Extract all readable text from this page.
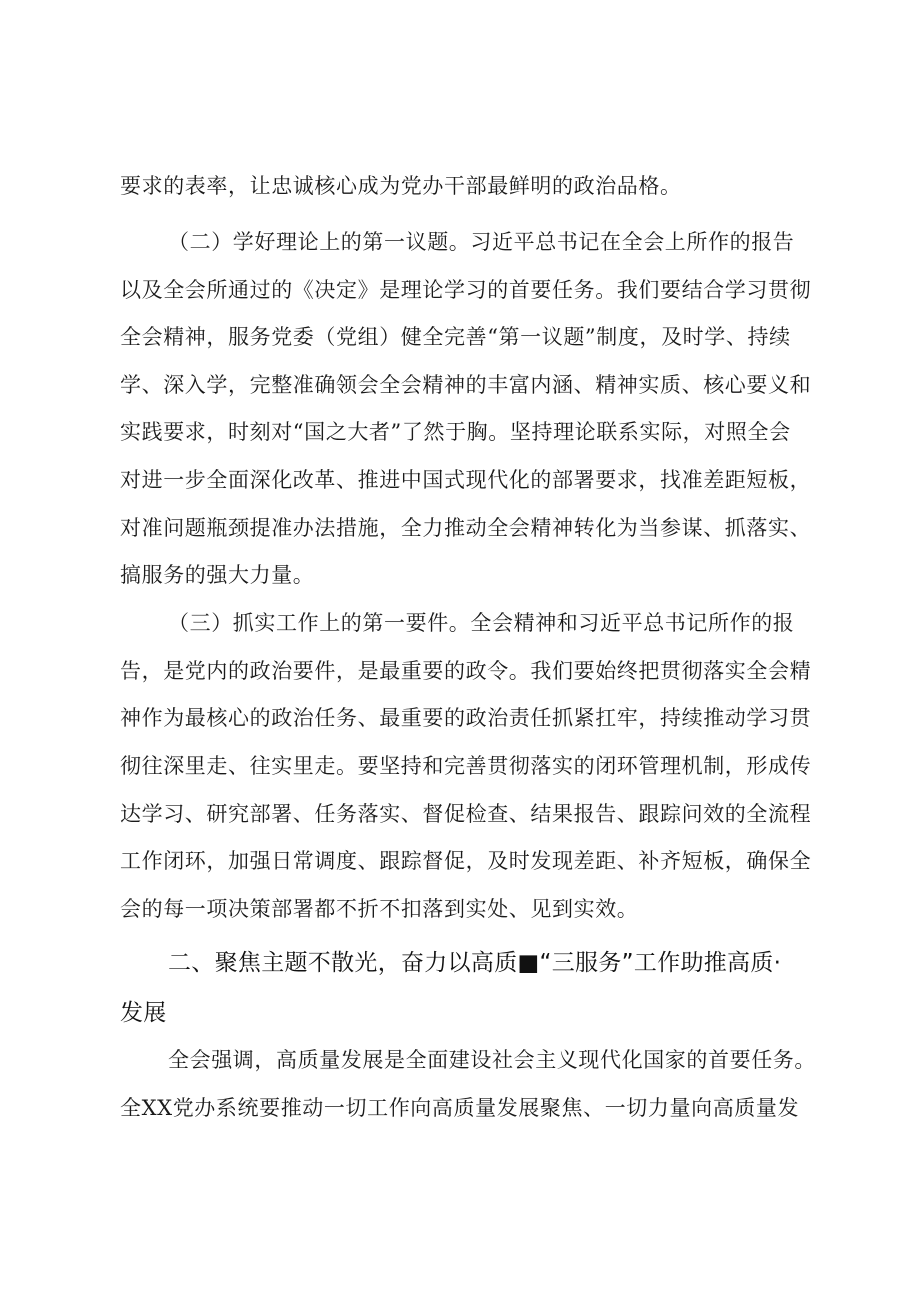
要求的表率，让忠诚核心成为党办干部最鲜明的政治品格。
（二）学好理论上的第一议题。习近平总书记在全会上所作的报告
以及全会所通过的《决定》是理论学习的首要任务。我们要结合学习贯彻
全会精神，服务党委（党组）健全完善“第一议题”制度，及时学、持续
学、深入学，完整准确领会全会精神的丰富内涵、精神实质、核心要义和
实践要求，时刻对“国之大者”了然于胸。坚持理论联系实际，对照全会
对进一步全面深化改革、推进中国式现代化的部署要求，找准差距短板，
对准问题瓶颈提准办法措施，全力推动全会精神转化为当参谋、抓落实、
搞服务的强大力量。
（三）抓实工作上的第一要件。全会精神和习近平总书记所作的报
告，是党内的政治要件，是最重要的政令。我们要始终把贯彻落实全会精
神作为最核心的政治任务、最重要的政治责任抓紧扛牢，持续推动学习贯
彻往深里走、往实里走。要坚持和完善贯彻落实的闭环管理机制，形成传
达学习、研究部署、任务落实、督促检查、结果报告、跟踪问效的全流程
工作闭环，加强日常调度、跟踪督促，及时发现差距、补齐短板，确保全
会的每一项决策部署都不折不扣落到实处、见到实效。
二、聚焦主题不散光，奋力以高质■“三服务”工作助推高质·
发展
全会强调，高质量发展是全面建设社会主义现代化国家的首要任务。
全XX党办系统要推动一切工作向高质量发展聚焦、一切力量向高质量发
